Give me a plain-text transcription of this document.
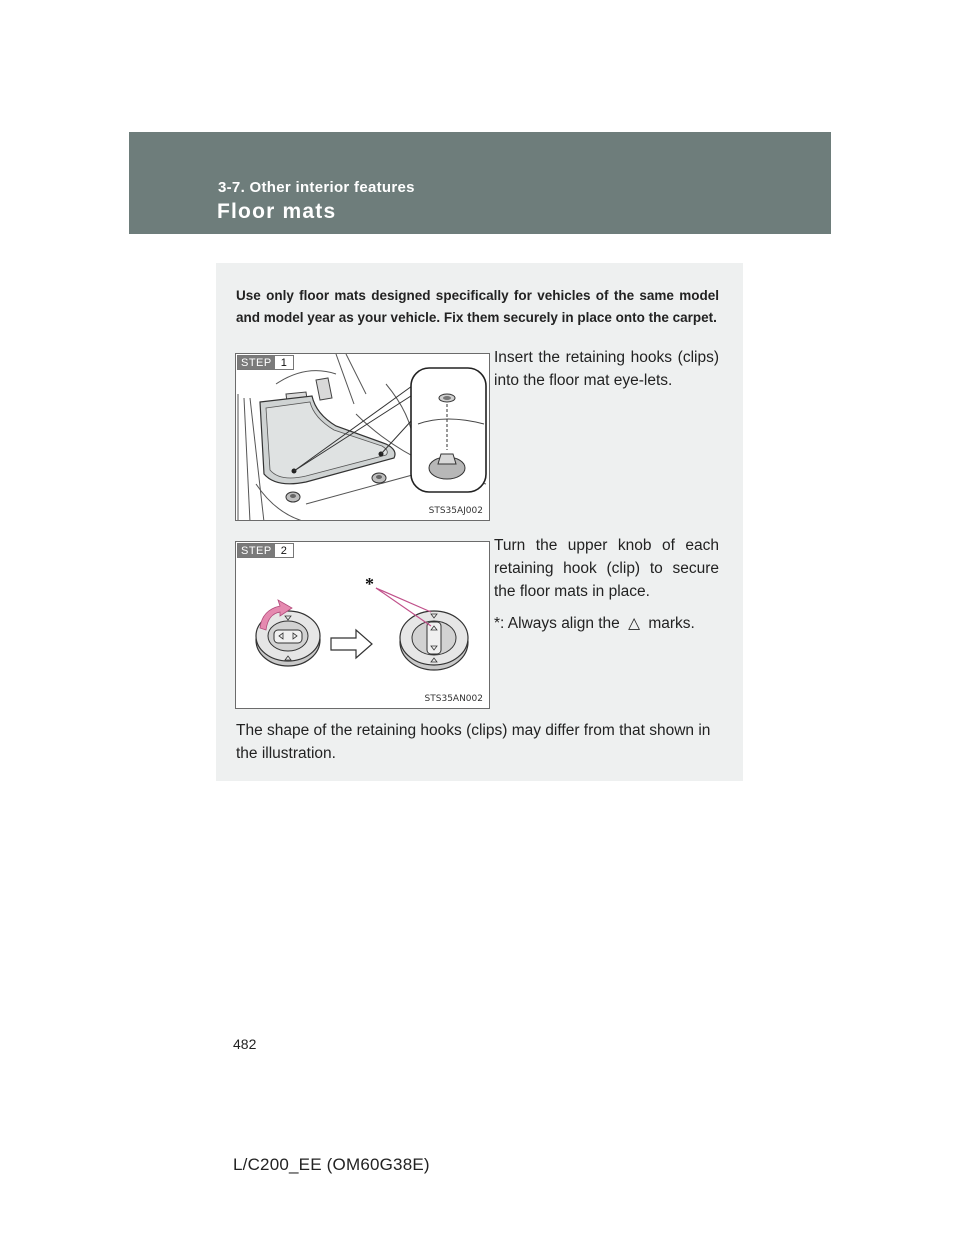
3-7. Other interior features
Floor mats

Use only floor mats designed specifically for vehicles of the same model and model year as your vehicle. Fix them securely in place onto the carpet.

STEP 1
STS35AJ002

Insert the retaining hooks (clips) into the floor mat eye-lets.

*
STEP 2
STS35AN002

Turn the upper knob of each retaining hook (clip) to secure the floor mats in place.

*: Always align the △ marks.

The shape of the retaining hooks (clips) may differ from that shown in the illustration.

482
L/C200_EE (OM60G38E)
